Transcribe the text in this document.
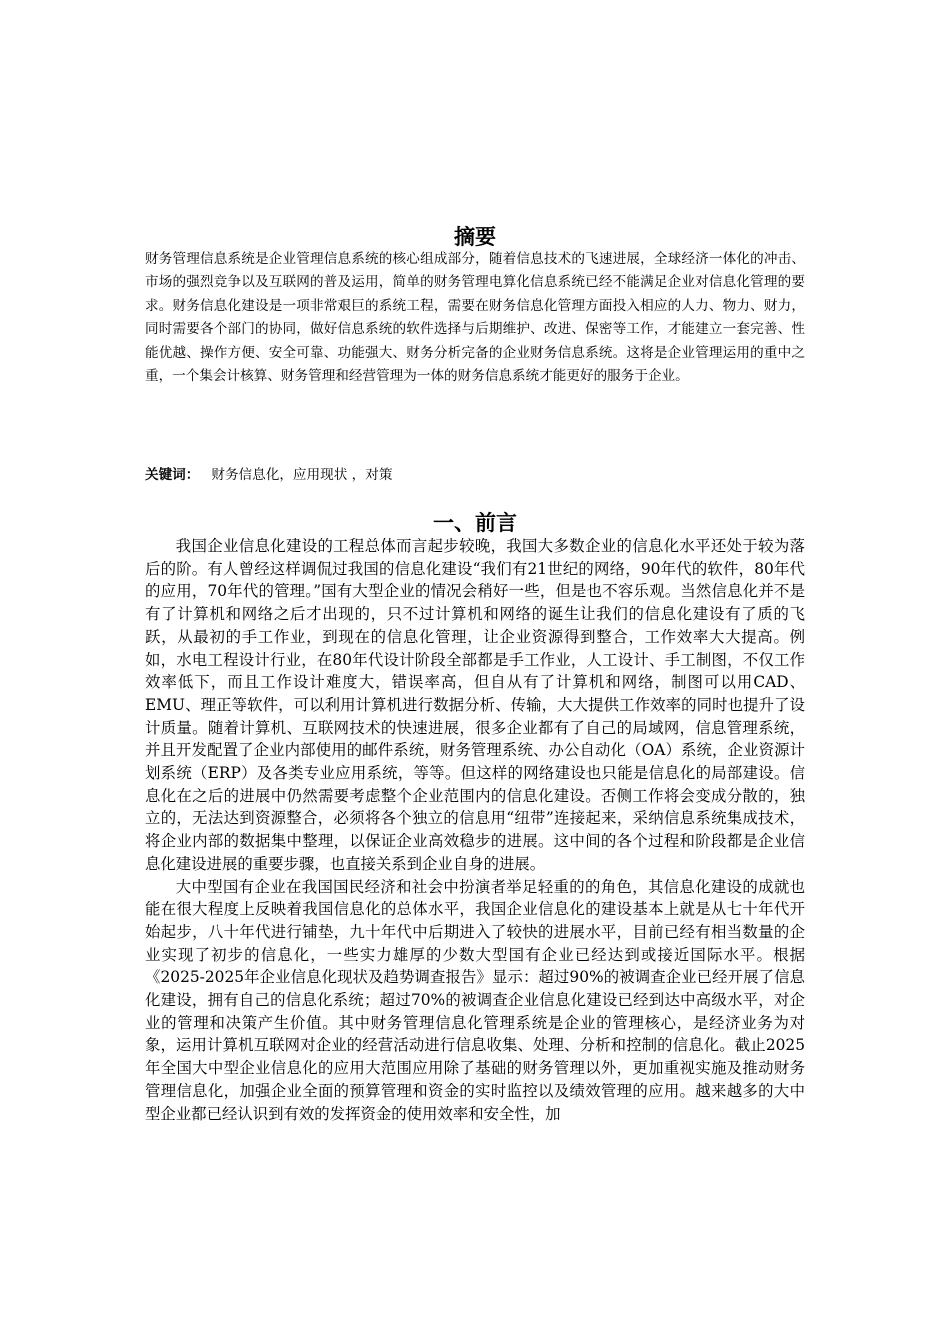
摘要

财务管理信息系统是企业管理信息系统的核心组成部分，随着信息技术的飞速进展，全球经济一体化的冲击、市场的强烈竞争以及互联网的普及运用，简单的财务管理电算化信息系统已经不能满足企业对信息化管理的要求。财务信息化建设是一项非常艰巨的系统工程，需要在财务信息化管理方面投入相应的人力、物力、财力，同时需要各个部门的协同，做好信息系统的软件选择与后期维护、改进、保密等工作，才能建立一套完善、性能优越、操作方便、安全可靠、功能强大、财务分析完备的企业财务信息系统。这将是企业管理运用的重中之重，一个集会计核算、财务管理和经营管理为一体的财务信息系统才能更好的服务于企业。

关键词： 财务信息化，应用现状 ，对策
一、前言

我国企业信息化建设的工程总体而言起步较晚，我国大多数企业的信息化水平还处于较为落后的阶。有人曾经这样调侃过我国的信息化建设“我们有21世纪的网络，90年代的软件，80年代的应用，70年代的管理。”国有大型企业的情况会稍好一些，但是也不容乐观。当然信息化并不是有了计算机和网络之后才出现的，只不过计算机和网络的诞生让我们的信息化建设有了质的飞跃，从最初的手工作业，到现在的信息化管理，让企业资源得到整合，工作效率大大提高。例如，水电工程设计行业，在80年代设计阶段全部都是手工作业，人工设计、手工制图，不仅工作效率低下，而且工作设计难度大，错误率高，但自从有了计算机和网络，制图可以用CAD、EMU、理正等软件，可以利用计算机进行数据分析、传输，大大提供工作效率的同时也提升了设计质量。随着计算机、互联网技术的快速进展，很多企业都有了自己的局域网，信息管理系统，并且开发配置了企业内部使用的邮件系统，财务管理系统、办公自动化（OA）系统，企业资源计划系统（ERP）及各类专业应用系统，等等。但这样的网络建设也只能是信息化的局部建设。信息化在之后的进展中仍然需要考虑整个企业范围内的信息化建设。否侧工作将会变成分散的，独立的，无法达到资源整合，必须将各个独立的信息用“纽带”连接起来，采纳信息系统集成技术，将企业内部的数据集中整理，以保证企业高效稳步的进展。这中间的各个过程和阶段都是企业信息化建设进展的重要步骤，也直接关系到企业自身的进展。

大中型国有企业在我国国民经济和社会中扮演者举足轻重的的角色，其信息化建设的成就也能在很大程度上反映着我国信息化的总体水平，我国企业信息化的建设基本上就是从七十年代开始起步，八十年代进行铺垫，九十年代中后期进入了较快的进展水平，目前已经有相当数量的企业实现了初步的信息化，一些实力雄厚的少数大型国有企业已经达到或接近国际水平。根据《2025-2025年企业信息化现状及趋势调查报告》显示：超过90%的被调查企业已经开展了信息化建设，拥有自己的信息化系统；超过70%的被调查企业信息化建设已经到达中高级水平，对企业的管理和决策产生价值。其中财务管理信息化管理系统是企业的管理核心，是经济业务为对象，运用计算机互联网对企业的经营活动进行信息收集、处理、分析和控制的信息化。截止2025年全国大中型企业信息化的应用大范围应用除了基础的财务管理以外，更加重视实施及推动财务管理信息化，加强企业全面的预算管理和资金的实时监控以及绩效管理的应用。越来越多的大中型企业都已经认识到有效的发挥资金的使用效率和安全性，加
